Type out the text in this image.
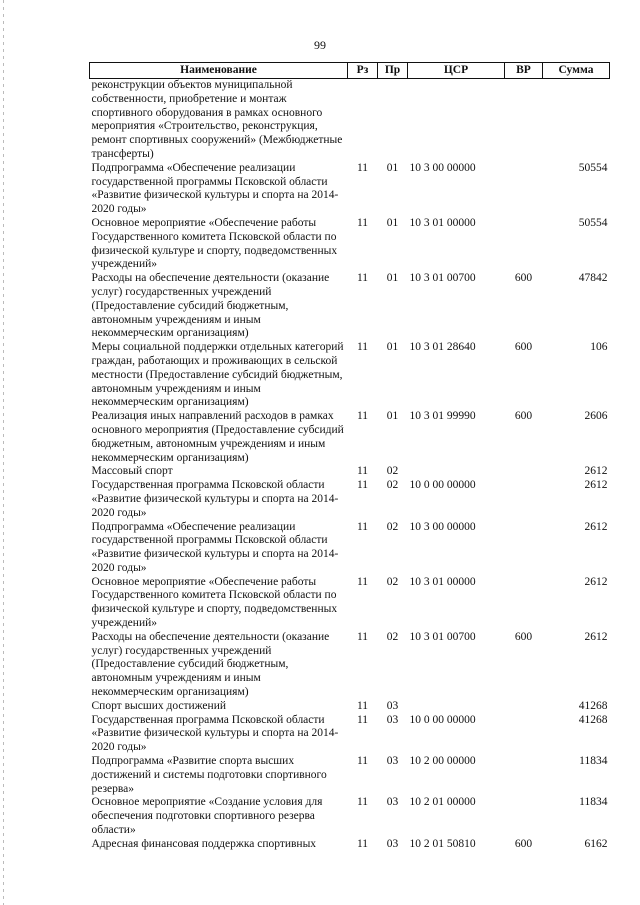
99
Наименование	Рз	Пр	ЦСР	ВР	Сумма
реконструкции объектов муниципальной собственности, приобретение и монтаж спортивного оборудования в рамках основного мероприятия «Строительство, реконструкция, ремонт спортивных сооружений» (Межбюджетные трансферты)					
Подпрограмма «Обеспечение реализации государственной программы Псковской области «Развитие физической культуры и спорта на 2014-2020 годы»	11	01	10 3 00 00000		50554
Основное мероприятие «Обеспечение работы Государственного комитета Псковской области по физической культуре и спорту, подведомственных учреждений»	11	01	10 3 01 00000		50554
Расходы на обеспечение деятельности (оказание услуг) государственных учреждений (Предоставление субсидий бюджетным, автономным учреждениям и иным некоммерческим организациям)	11	01	10 3 01 00700	600	47842
Меры социальной поддержки отдельных категорий граждан, работающих и проживающих в сельской местности (Предоставление субсидий бюджетным, автономным учреждениям и иным некоммерческим организациям)	11	01	10 3 01 28640	600	106
Реализация иных направлений расходов в рамках основного мероприятия (Предоставление субсидий бюджетным, автономным учреждениям и иным некоммерческим организациям)	11	01	10 3 01 99990	600	2606
Массовый спорт	11	02			2612
Государственная программа Псковской области «Развитие физической культуры и спорта на 2014-2020 годы»	11	02	10 0 00 00000		2612
Подпрограмма «Обеспечение реализации государственной программы Псковской области «Развитие физической культуры и спорта на 2014-2020 годы»	11	02	10 3 00 00000		2612
Основное мероприятие «Обеспечение работы Государственного комитета Псковской области по физической культуре и спорту, подведомственных учреждений»	11	02	10 3 01 00000		2612
Расходы на обеспечение деятельности (оказание услуг) государственных учреждений (Предоставление субсидий бюджетным, автономным учреждениям и иным некоммерческим организациям)	11	02	10 3 01 00700	600	2612
Спорт высших достижений	11	03			41268
Государственная программа Псковской области «Развитие физической культуры и спорта на 2014-2020 годы»	11	03	10 0 00 00000		41268
Подпрограмма «Развитие спорта высших достижений и системы подготовки спортивного резерва»	11	03	10 2 00 00000		11834
Основное мероприятие «Создание условия для обеспечения подготовки спортивного резерва области»	11	03	10 2 01 00000		11834
Адресная финансовая поддержка спортивных	11	03	10 2 01 50810	600	6162
